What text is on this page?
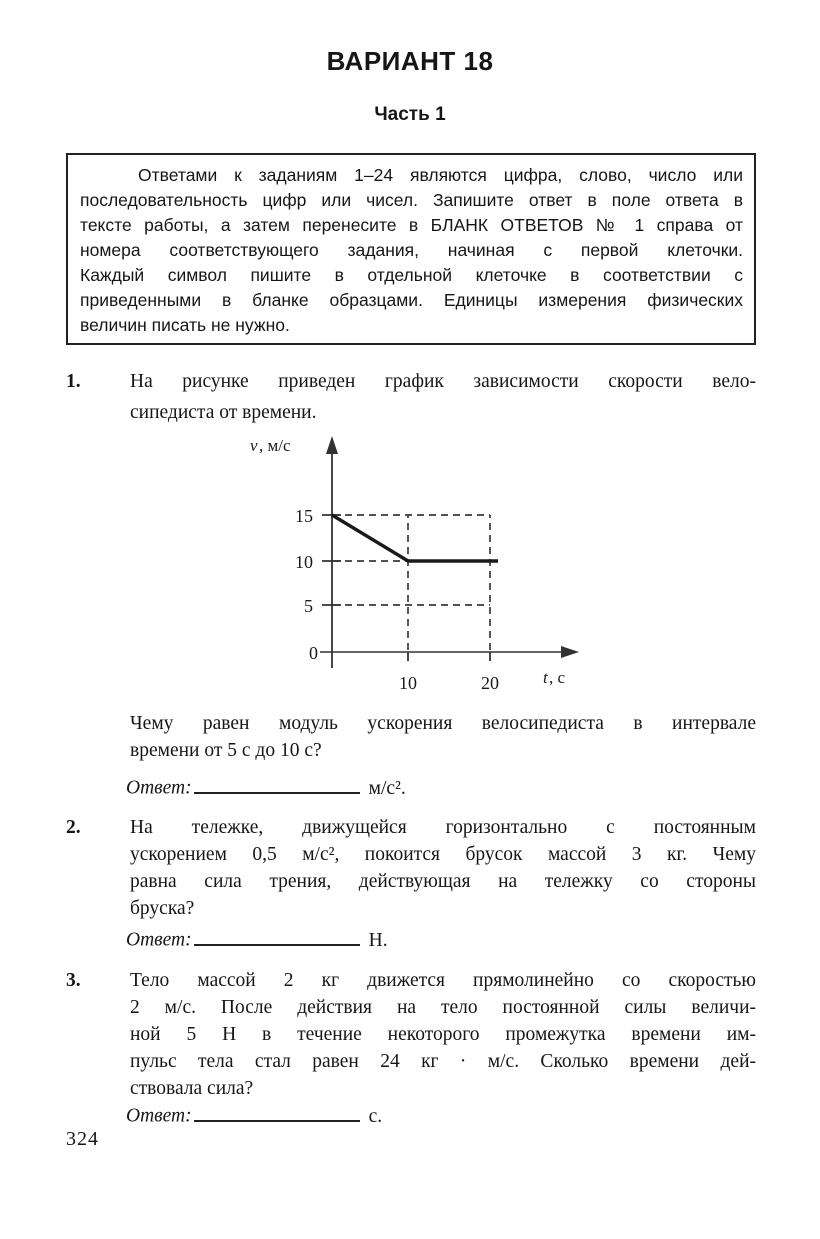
ВАРИАНТ 18
Часть 1
Ответами к заданиям 1–24 являются цифра, слово, число или
последовательность цифр или чисел. Запишите ответ в поле ответа в
тексте работы, а затем перенесите в БЛАНК ОТВЕТОВ № 1 справа от
номера соответствующего задания, начиная с первой клеточки.
Каждый символ пишите в отдельной клеточке в соответствии с
приведенными в бланке образцами. Единицы измерения физических
величин писать не нужно.
1.	На рисунке приведен график зависимости скорости вело-
сипедиста от времени.
15
10
5
0
10	20
v , м/с
t , с
Чему равен модуль ускорения велосипедиста в интервале
времени от 5 с до 10 с?
Ответ:	м/с².
2.	На тележке, движущейся горизонтально с постоянным
ускорением 0,5 м/с², покоится брусок массой 3 кг. Чему
равна сила трения, действующая на тележку со стороны
бруска?
Ответ:	Н.
3.	Тело массой 2 кг движется прямолинейно со скоростью
2 м/с. После действия на тело постоянной силы величи-
ной 5 Н в течение некоторого промежутка времени им-
пульс тела стал равен 24 кг · м/с. Сколько времени дей-
ствовала сила?
Ответ:	с.
324
